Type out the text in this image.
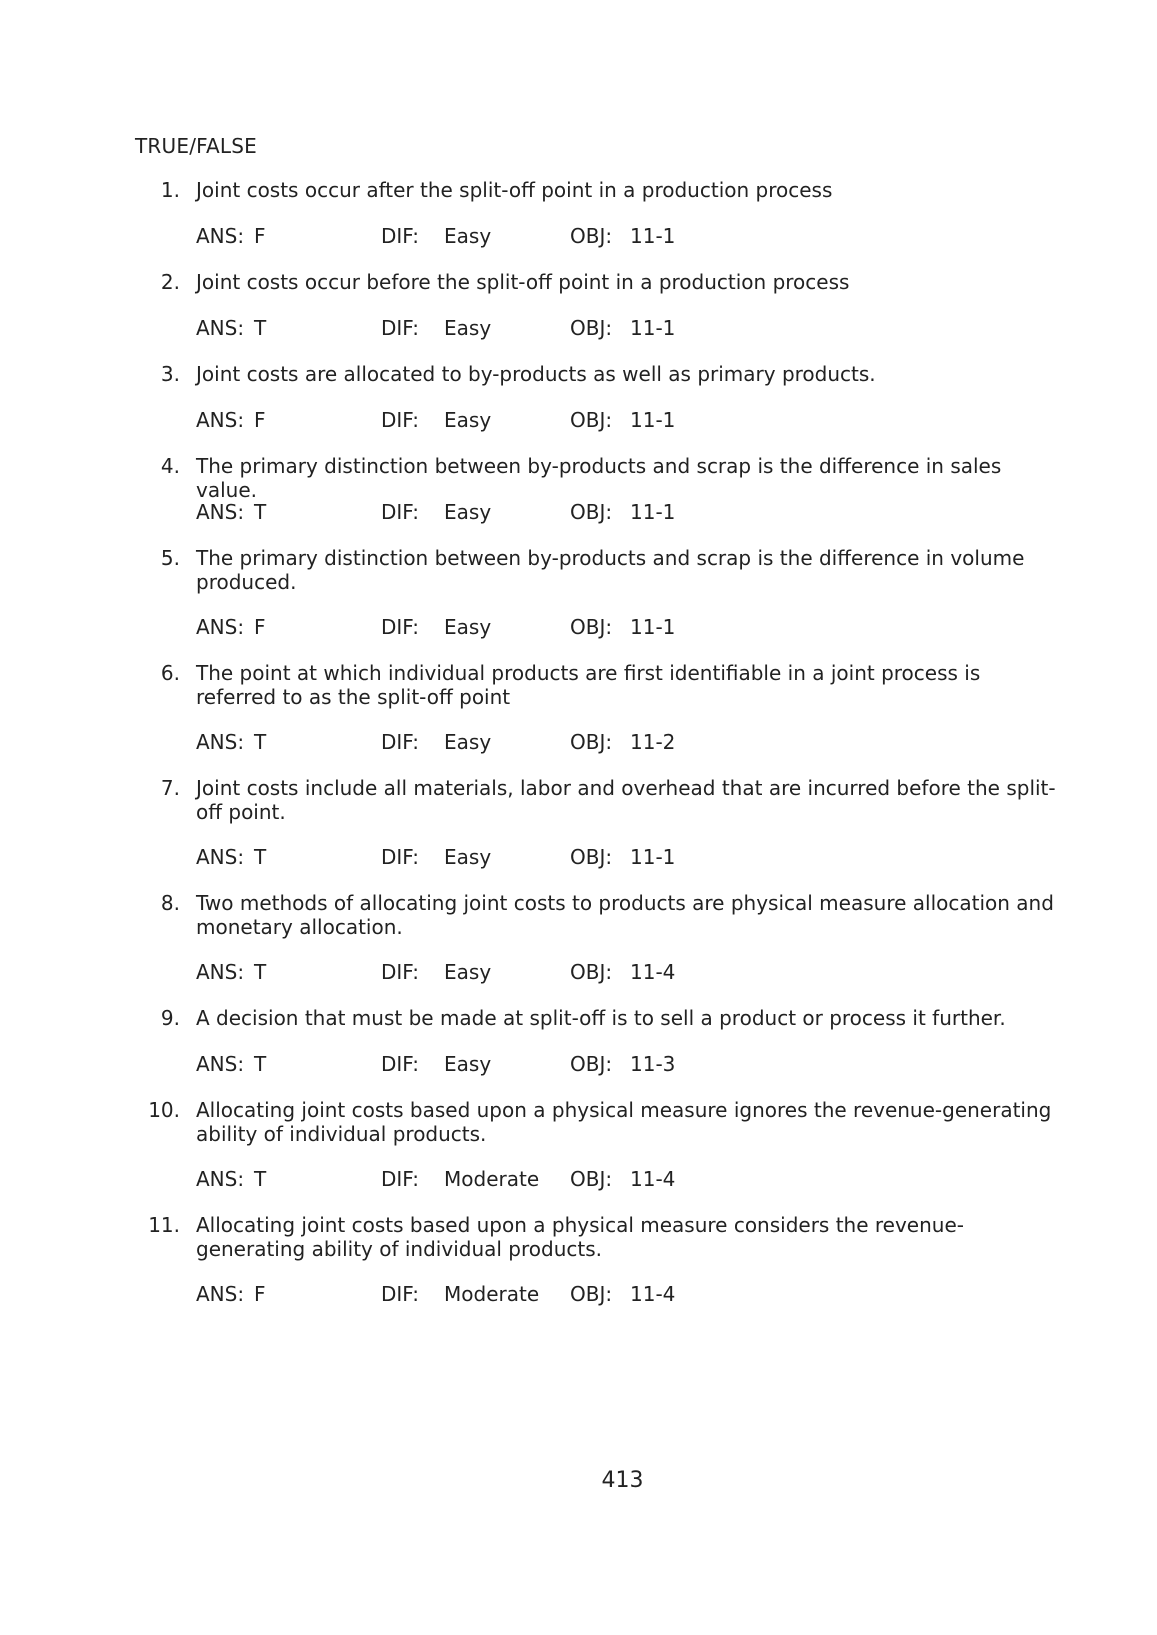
TRUE/FALSE
1. Joint costs occur after the split-off point in a production process
ANS: F	DIF: Easy	OBJ: 11-1
2. Joint costs occur before the split-off point in a production process
ANS: T	DIF: Easy	OBJ: 11-1
3. Joint costs are allocated to by-products as well as primary products.
ANS: F	DIF: Easy	OBJ: 11-1
4. The primary distinction between by-products and scrap is the difference in sales value.
ANS: T	DIF: Easy	OBJ: 11-1
5. The primary distinction between by-products and scrap is the difference in volume produced.
ANS: F	DIF: Easy	OBJ: 11-1
6. The point at which individual products are first identifiable in a joint process is referred to as the split-off point
ANS: T	DIF: Easy	OBJ: 11-2
7. Joint costs include all materials, labor and overhead that are incurred before the split-off point.
ANS: T	DIF: Easy	OBJ: 11-1
8. Two methods of allocating joint costs to products are physical measure allocation and monetary allocation.
ANS: T	DIF: Easy	OBJ: 11-4
9. A decision that must be made at split-off is to sell a product or process it further.
ANS: T	DIF: Easy	OBJ: 11-3
10. Allocating joint costs based upon a physical measure ignores the revenue-generating ability of individual products.
ANS: T	DIF: Moderate OBJ: 11-4
11. Allocating joint costs based upon a physical measure considers the revenue-generating ability of individual products.
ANS: F	DIF: Moderate OBJ: 11-4
413
